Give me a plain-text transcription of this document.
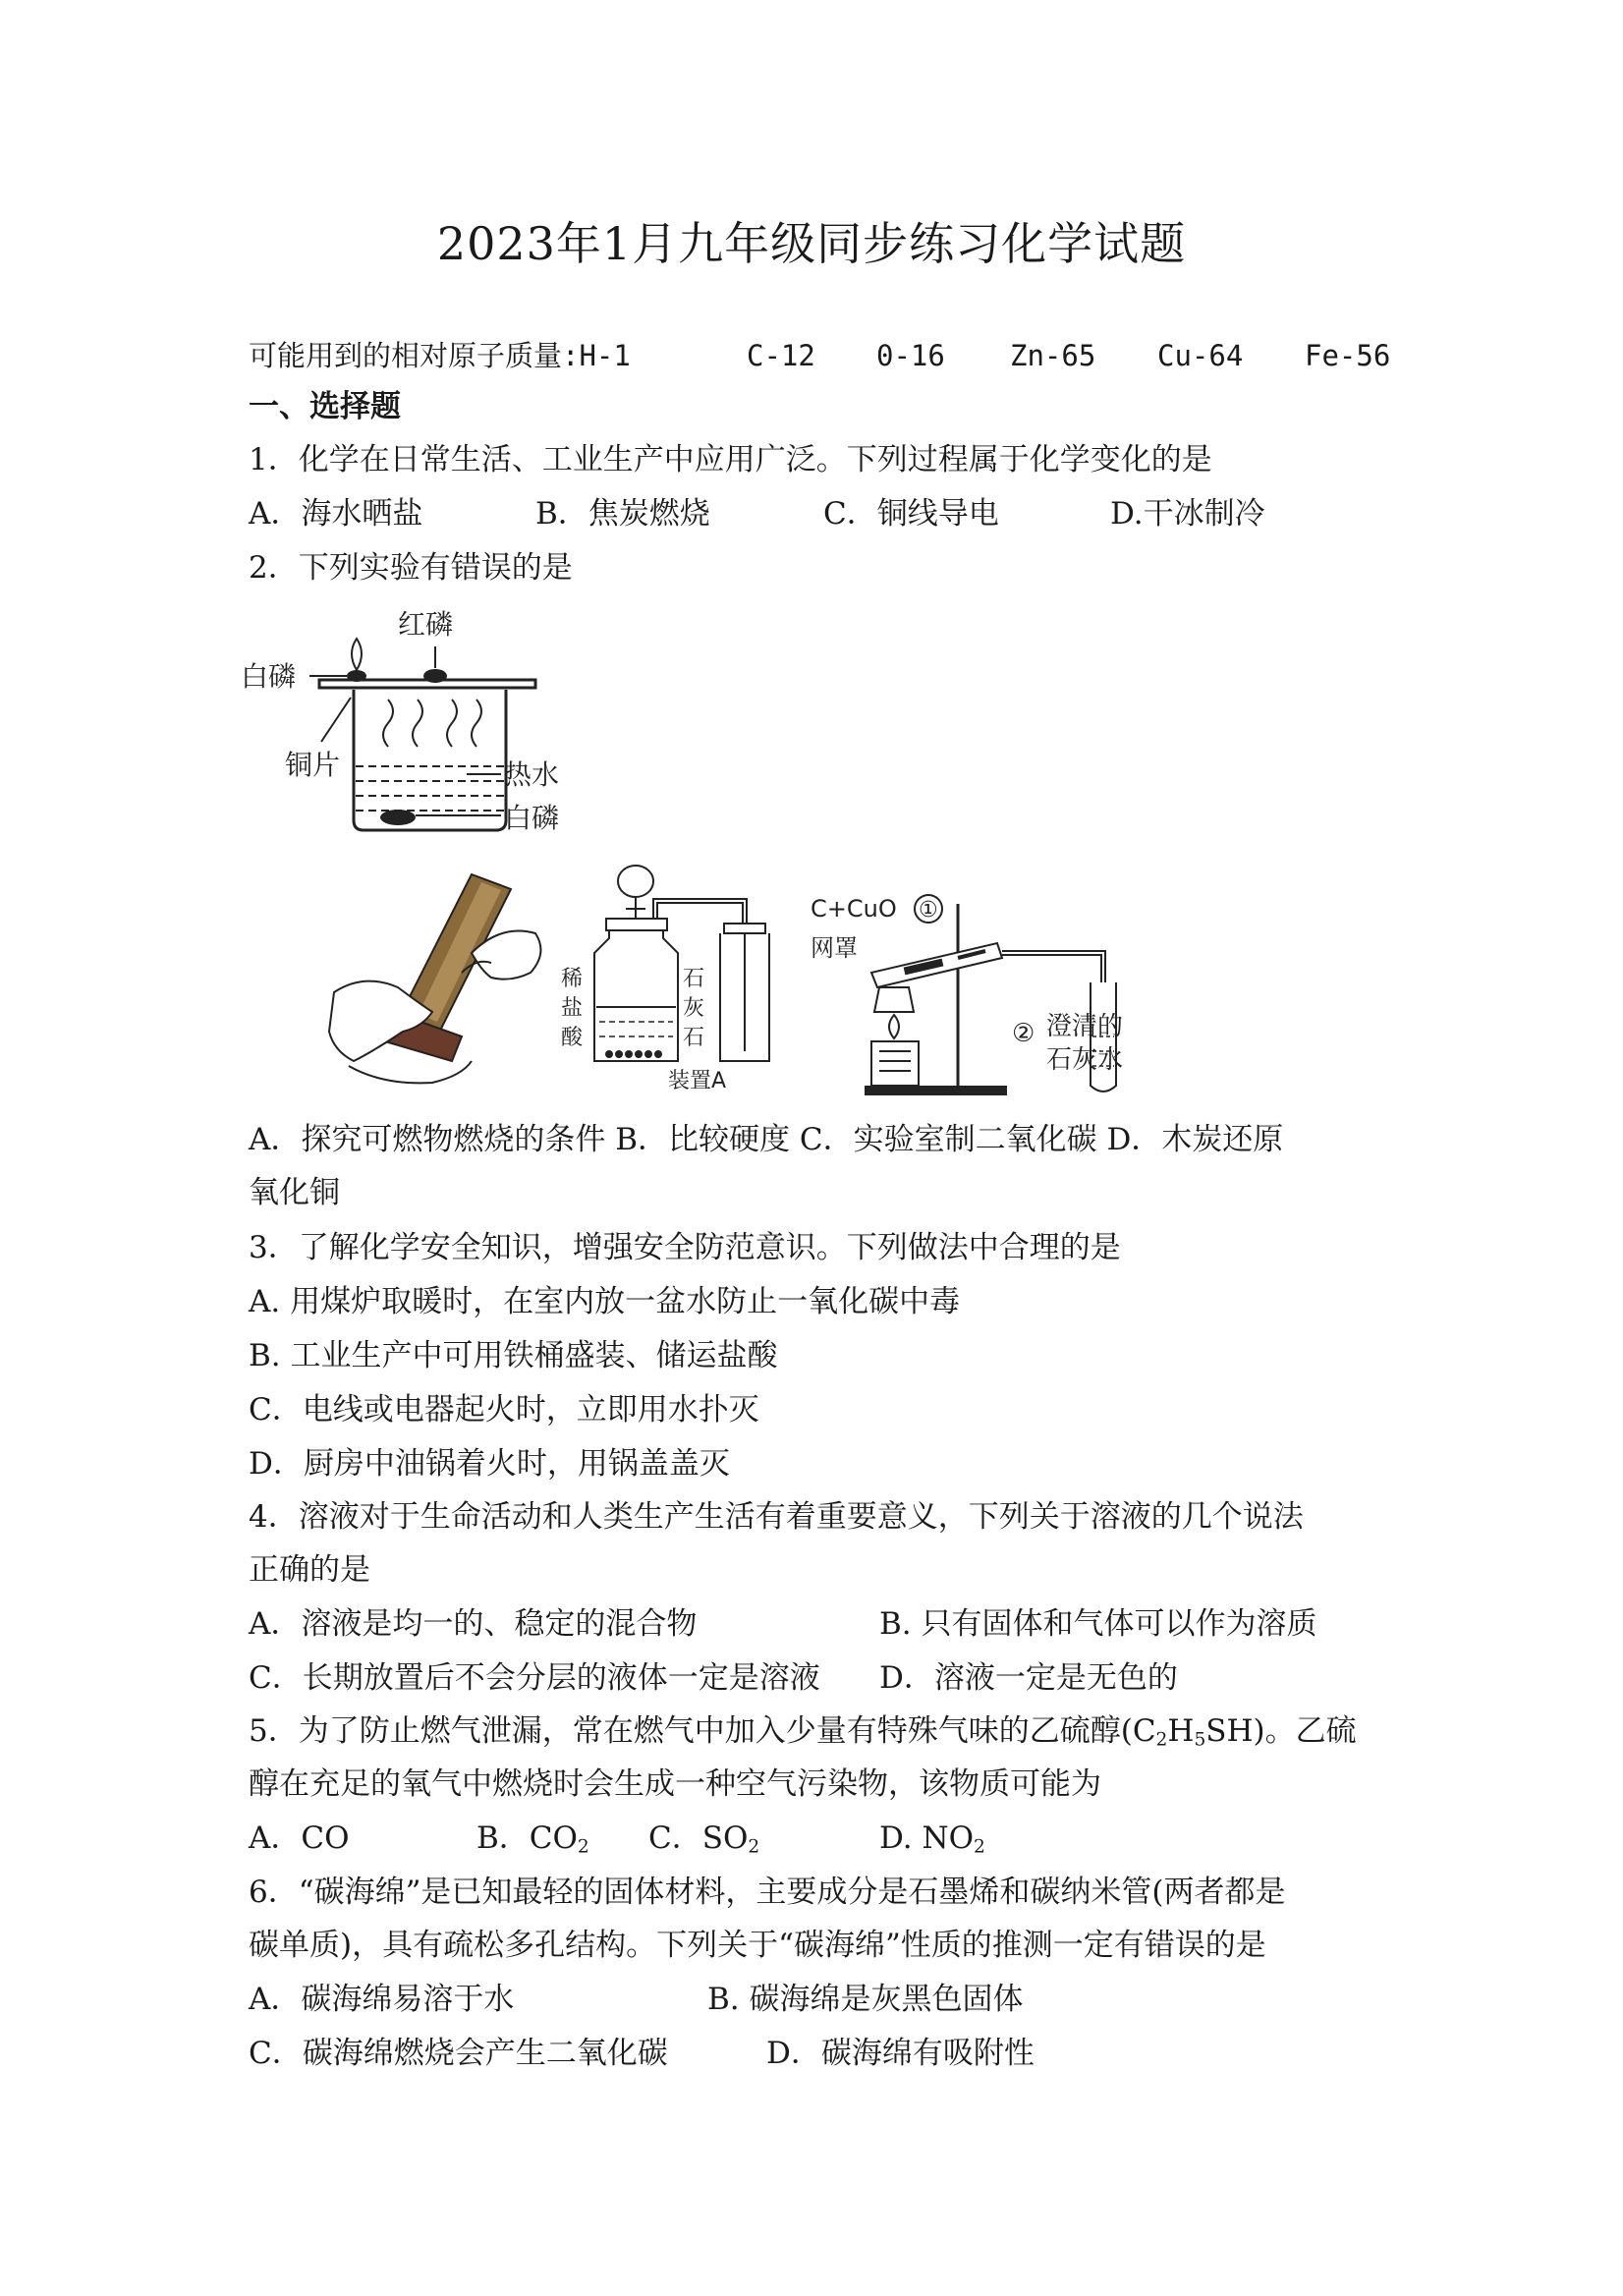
2023年1月九年级同步练习化学试题
可能用到的相对原子质量:H-1	C-12 0-16 Zn-65 Cu-64 Fe-56
一、选择题
1．化学在日常生活、工业生产中应用广泛。下列过程属于化学变化的是
A．海水晒盐	B．焦炭燃烧	C．铜线导电	D.干冰制冷
2．下列实验有错误的是
红磷
白磷
铜片	热水
白磷
稀
盐
酸
石
灰
石
装置A
C+CuO ①
网罩
② 澄清的
石灰水
A．探究可燃物燃烧的条件 B．比较硬度 C．实验室制二氧化碳 D．木炭还原
氧化铜
3．了解化学安全知识，增强安全防范意识。下列做法中合理的是
A. 用煤炉取暖时，在室内放一盆水防止一氧化碳中毒
B. 工业生产中可用铁桶盛装、储运盐酸
C．电线或电器起火时，立即用水扑灭
D．厨房中油锅着火时，用锅盖盖灭
4．溶液对于生命活动和人类生产生活有着重要意义，下列关于溶液的几个说法
正确的是
A．溶液是均一的、稳定的混合物	B. 只有固体和气体可以作为溶质
C．长期放置后不会分层的液体一定是溶液 D．溶液一定是无色的
5．为了防止燃气泄漏，常在燃气中加入少量有特殊气味的乙硫醇$(C_2H_5SH)$。乙硫
醇在充足的氧气中燃烧时会生成一种空气污染物，该物质可能为
A．CO	B．$CO_2$ C．$SO_2$	D. $NO_2$
6．“碳海绵”是已知最轻的固体材料，主要成分是石墨烯和碳纳米管(两者都是
碳单质)，具有疏松多孔结构。下列关于“碳海绵”性质的推测一定有错误的是
A．碳海绵易溶于水	B. 碳海绵是灰黑色固体
C．碳海绵燃烧会产生二氧化碳	D．碳海绵有吸附性
